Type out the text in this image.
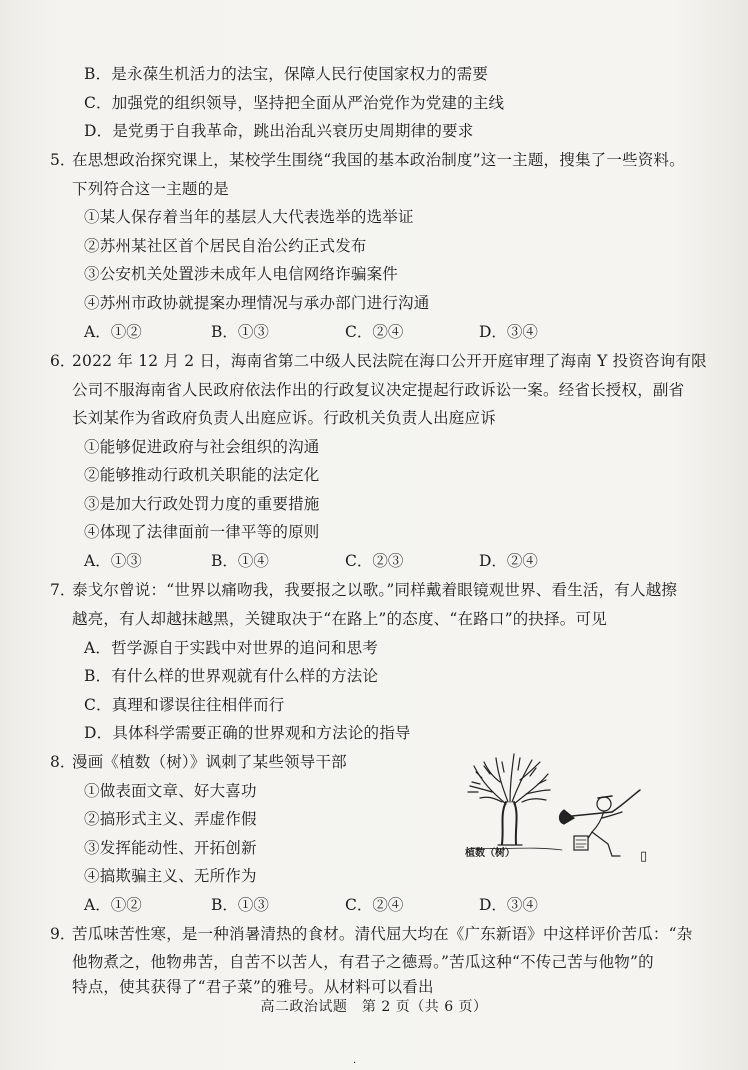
B．是永葆生机活力的法宝，保障人民行使国家权力的需要
C．加强党的组织领导，坚持把全面从严治党作为党建的主线
D．是党勇于自我革命，跳出治乱兴衰历史周期律的要求
5．
在思想政治探究课上，某校学生围绕“我国的基本政治制度”这一主题，搜集了一些资料。
下列符合这一主题的是
①某人保存着当年的基层人大代表选举的选举证
②苏州某社区首个居民自治公约正式发布
③公安机关处置涉未成年人电信网络诈骗案件
④苏州市政协就提案办理情况与承办部门进行沟通
A．①②	B．①③	C．②④	D．③④
6．
2022 年 12 月 2 日，海南省第二中级人民法院在海口公开开庭审理了海南 Y 投资咨询有限
公司不服海南省人民政府依法作出的行政复议决定提起行政诉讼一案。经省长授权，副省
长刘某作为省政府负责人出庭应诉。行政机关负责人出庭应诉
①能够促进政府与社会组织的沟通
②能够推动行政机关职能的法定化
③是加大行政处罚力度的重要措施
④体现了法律面前一律平等的原则
A．①③	B．①④	C．②③	D．②④
7．
泰戈尔曾说：“世界以痛吻我，我要报之以歌。”同样戴着眼镜观世界、看生活，有人越擦
越亮，有人却越抹越黑，关键取决于“在路上”的态度、“在路口”的抉择。可见
A．哲学源自于实践中对世界的追问和思考
B．有什么样的世界观就有什么样的方法论
C．真理和谬误往往相伴而行
D．具体科学需要正确的世界观和方法论的指导
8．
漫画《植数（树）》讽刺了某些领导干部
①做表面文章、好大喜功
②搞形式主义、弄虚作假
③发挥能动性、开拓创新
④搞欺骗主义、无所作为
A．①②	B．①③	C．②④	D．③④
植数（树）	▯
9．
苦瓜味苦性寒，是一种消暑清热的食材。清代屈大均在《广东新语》中这样评价苦瓜：“杂
他物煮之，他物弗苦，自苦不以苦人，有君子之德焉。”苦瓜这种“不传己苦与他物”的
特点，使其获得了“君子菜”的雅号。从材料可以看出
高二政治试题　第 2 页（共 6 页）
·
